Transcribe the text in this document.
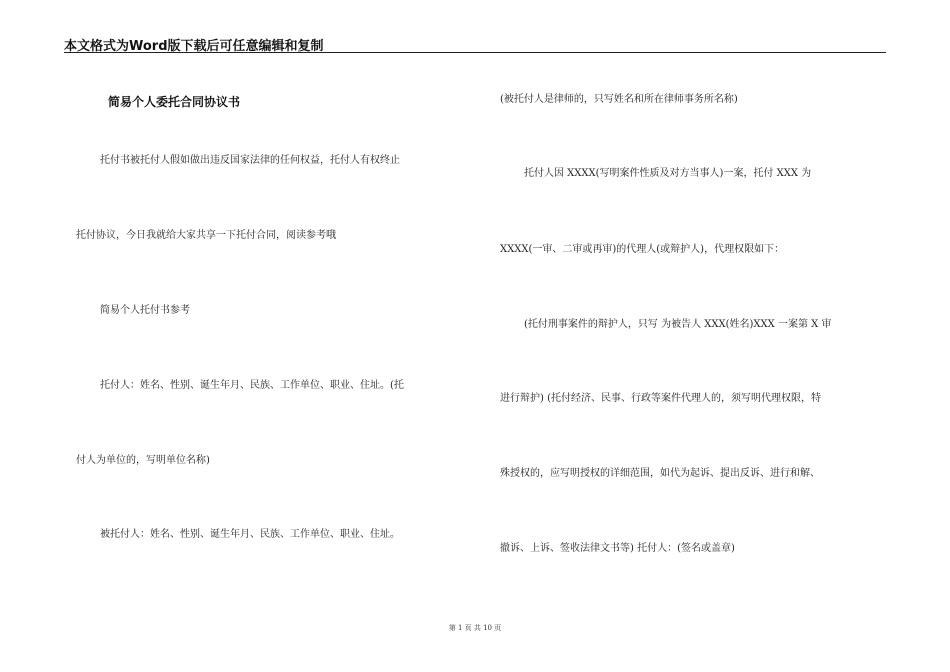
本文格式为Word版下载后可任意编辑和复制
简易个人委托合同协议书
托付书被托付人假如做出违反国家法律的任何权益，托付人有权终止
托付协议，今日我就给大家共享一下托付合同，阅读参考哦
简易个人托付书参考
托付人：姓名、性别、诞生年月、民族、工作单位、职业、住址。(托
付人为单位的，写明单位名称)
被托付人：姓名、性别、诞生年月、民族、工作单位、职业、住址。
(被托付人是律师的，只写姓名和所在律师事务所名称)
托付人因 XXXX(写明案件性质及对方当事人)一案，托付 XXX 为
XXXX(一审、二审或再审)的代理人(或辩护人)，代理权限如下：
(托付刑事案件的辩护人，只写 为被告人 XXX(姓名)XXX 一案第 X 审
进行辩护) (托付经济、民事、行政等案件代理人的，须写明代理权限，特
殊授权的，应写明授权的详细范围，如代为起诉、提出反诉、进行和解、
撤诉、上诉、签收法律文书等) 托付人：(签名或盖章)
第 1 页 共 10 页
